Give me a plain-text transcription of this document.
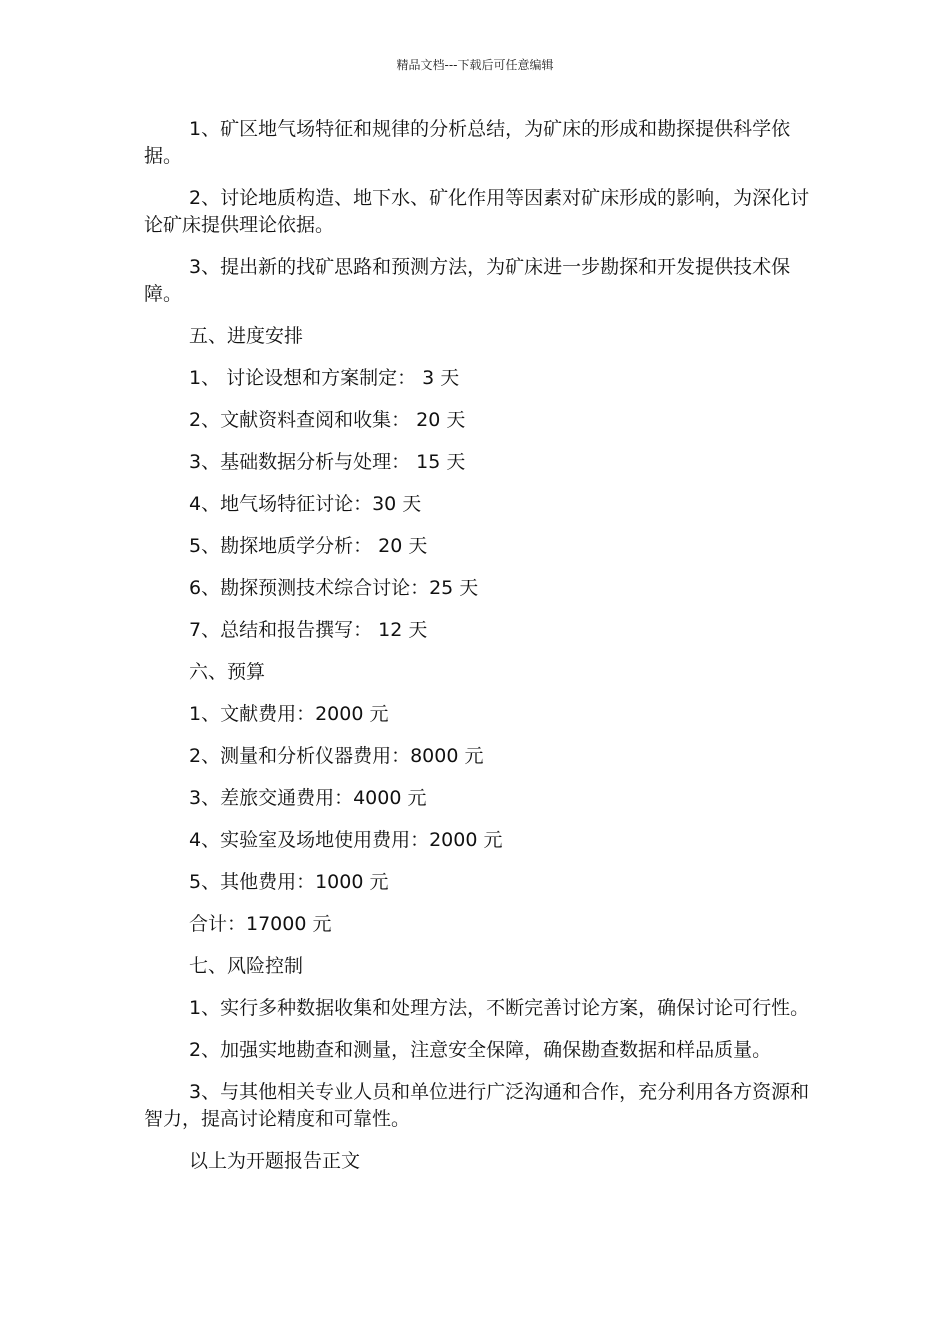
精品文档---下载后可任意编辑

1、矿区地气场特征和规律的分析总结，为矿床的形成和勘探提供科学依据。

2、讨论地质构造、地下水、矿化作用等因素对矿床形成的影响，为深化讨论矿床提供理论依据。

3、提出新的找矿思路和预测方法，为矿床进一步勘探和开发提供技术保障。

五、进度安排

1、 讨论设想和方案制定： 3 天

2、文献资料查阅和收集： 20 天

3、基础数据分析与处理： 15 天

4、地气场特征讨论：30 天

5、勘探地质学分析： 20 天

6、勘探预测技术综合讨论：25 天

7、总结和报告撰写： 12 天

六、预算

1、文献费用：2000 元

2、测量和分析仪器费用：8000 元

3、差旅交通费用：4000 元

4、实验室及场地使用费用：2000 元

5、其他费用：1000 元

合计：17000 元

七、风险控制

1、实行多种数据收集和处理方法，不断完善讨论方案，确保讨论可行性。

2、加强实地勘查和测量，注意安全保障，确保勘查数据和样品质量。

3、与其他相关专业人员和单位进行广泛沟通和合作，充分利用各方资源和智力，提高讨论精度和可靠性。

以上为开题报告正文
